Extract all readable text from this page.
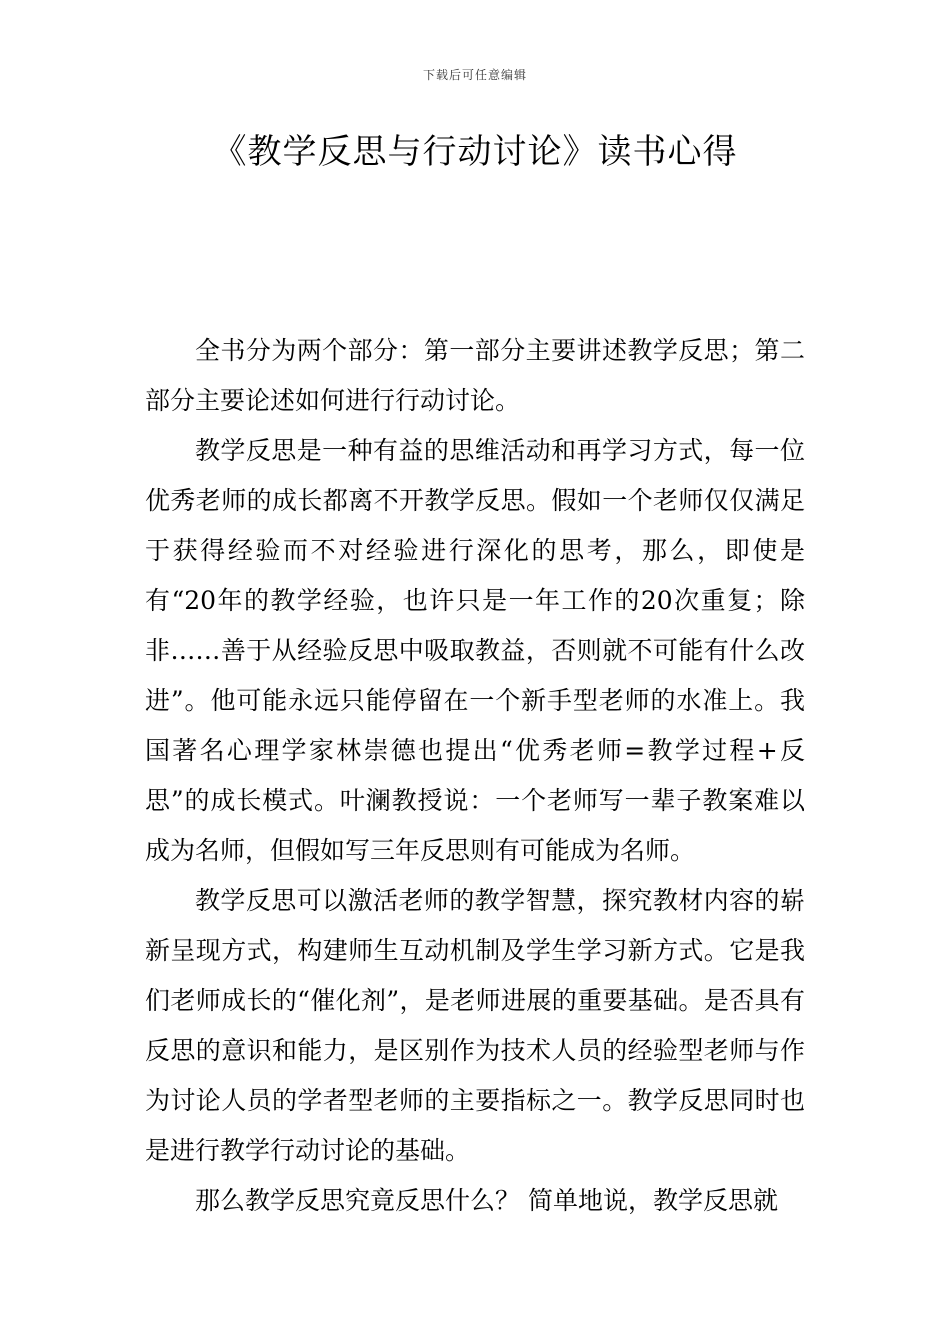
下载后可任意编辑
《教学反思与行动讨论》读书心得

全书分为两个部分：第一部分主要讲述教学反思；第二部分主要论述如何进行行动讨论。

教学反思是一种有益的思维活动和再学习方式，每一位优秀老师的成长都离不开教学反思。假如一个老师仅仅满足于获得经验而不对经验进行深化的思考，那么，即使是有“20年的教学经验，也许只是一年工作的20次重复；除非……善于从经验反思中吸取教益，否则就不可能有什么改进”。他可能永远只能停留在一个新手型老师的水准上。我国著名心理学家林崇德也提出“优秀老师=教学过程+反思”的成长模式。叶澜教授说：一个老师写一辈子教案难以成为名师，但假如写三年反思则有可能成为名师。

教学反思可以激活老师的教学智慧，探究教材内容的崭新呈现方式，构建师生互动机制及学生学习新方式。它是我们老师成长的“催化剂”，是老师进展的重要基础。是否具有反思的意识和能力，是区别作为技术人员的经验型老师与作为讨论人员的学者型老师的主要指标之一。教学反思同时也是进行教学行动讨论的基础。

那么教学反思究竟反思什么？ 简单地说，教学反思就
